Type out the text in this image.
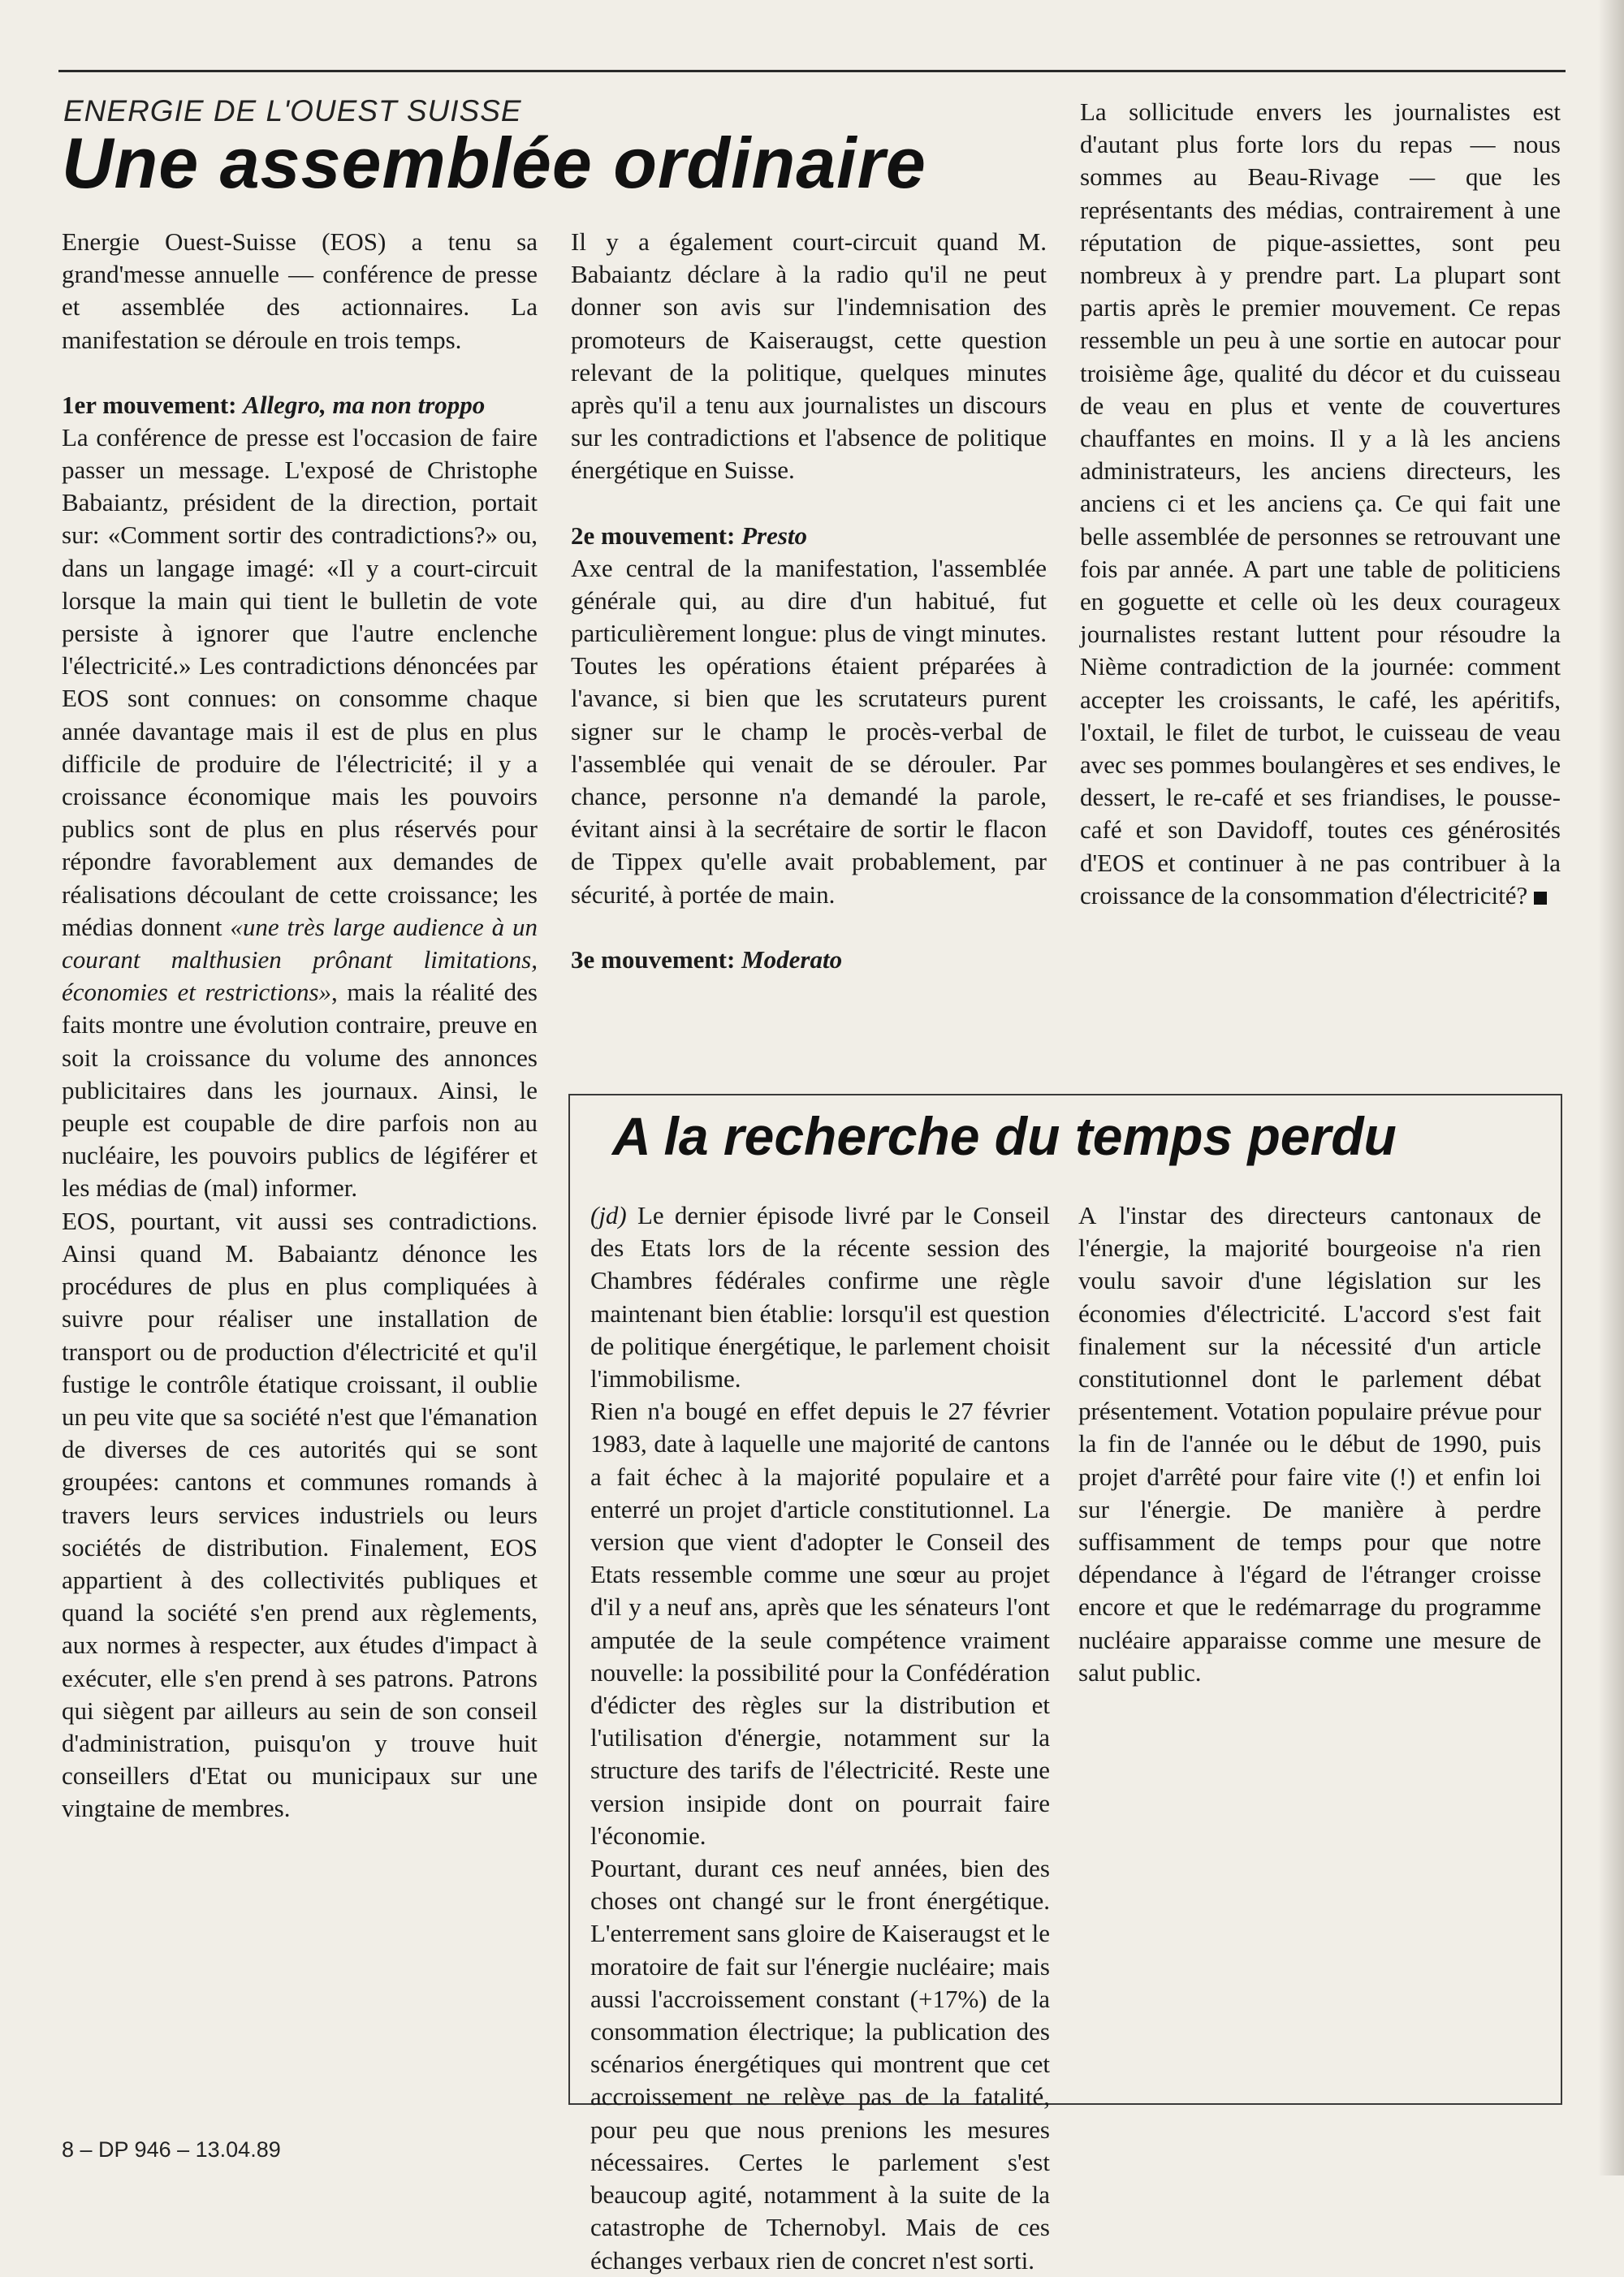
ENERGIE DE L'OUEST SUISSE
Une assemblée ordinaire

Energie Ouest-Suisse (EOS) a tenu sa grand'messe annuelle — conférence de presse et assemblée des actionnaires. La manifestation se déroule en trois temps.

1er mouvement: Allegro, ma non troppo

La conférence de presse est l'occasion de faire passer un message. L'exposé de Christophe Babaiantz, président de la direction, portait sur: «Comment sortir des contradictions?» ou, dans un langage imagé: «Il y a court-circuit lorsque la main qui tient le bulletin de vote persiste à ignorer que l'autre enclenche l'électricité.» Les contradictions dénoncées par EOS sont connues: on consomme chaque année davantage mais il est de plus en plus difficile de produire de l'électricité; il y a croissance économique mais les pouvoirs publics sont de plus en plus réservés pour répondre favorablement aux demandes de réalisations découlant de cette croissance; les médias donnent «une très large audience à un courant malthusien prônant limitations, économies et restrictions», mais la réalité des faits montre une évolution contraire, preuve en soit la croissance du volume des annonces publicitaires dans les journaux. Ainsi, le peuple est coupable de dire parfois non au nucléaire, les pouvoirs publics de légiférer et les médias de (mal) informer.

EOS, pourtant, vit aussi ses contradictions. Ainsi quand M. Babaiantz dénonce les procédures de plus en plus compliquées à suivre pour réaliser une installation de transport ou de production d'électricité et qu'il fustige le contrôle étatique croissant, il oublie un peu vite que sa société n'est que l'émanation de diverses de ces autorités qui se sont groupées: cantons et communes romands à travers leurs services industriels ou leurs sociétés de distribution. Finalement, EOS appartient à des collectivités publiques et quand la société s'en prend aux règlements, aux normes à respecter, aux études d'impact à exécuter, elle s'en prend à ses patrons. Patrons qui siègent par ailleurs au sein de son conseil d'administration, puisqu'on y trouve huit conseillers d'Etat ou municipaux sur une vingtaine de membres.

Il y a également court-circuit quand M. Babaiantz déclare à la radio qu'il ne peut donner son avis sur l'indemnisation des promoteurs de Kaiseraugst, cette question relevant de la politique, quelques minutes après qu'il a tenu aux journalistes un discours sur les contradictions et l'absence de politique énergétique en Suisse.

2e mouvement: Presto

Axe central de la manifestation, l'assemblée générale qui, au dire d'un habitué, fut particulièrement longue: plus de vingt minutes. Toutes les opérations étaient préparées à l'avance, si bien que les scrutateurs purent signer sur le champ le procès-verbal de l'assemblée qui venait de se dérouler. Par chance, personne n'a demandé la parole, évitant ainsi à la secrétaire de sortir le flacon de Tippex qu'elle avait probablement, par sécurité, à portée de main.

3e mouvement: Moderato

La sollicitude envers les journalistes est d'autant plus forte lors du repas — nous sommes au Beau-Rivage — que les représentants des médias, contrairement à une réputation de pique-assiettes, sont peu nombreux à y prendre part. La plupart sont partis après le premier mouvement. Ce repas ressemble un peu à une sortie en autocar pour troisième âge, qualité du décor et du cuisseau de veau en plus et vente de couvertures chauffantes en moins. Il y a là les anciens administrateurs, les anciens directeurs, les anciens ci et les anciens ça. Ce qui fait une belle assemblée de personnes se retrouvant une fois par année. A part une table de politiciens en goguette et celle où les deux courageux journalistes restant luttent pour résoudre la Nième contradiction de la journée: comment accepter les croissants, le café, les apéritifs, l'oxtail, le filet de turbot, le cuisseau de veau avec ses pommes boulangères et ses endives, le dessert, le re-café et ses friandises, le pousse-café et son Davidoff, toutes ces générosités d'EOS et continuer à ne pas contribuer à la croissance de la consommation d'électricité?

A la recherche du temps perdu

(jd) Le dernier épisode livré par le Conseil des Etats lors de la récente session des Chambres fédérales confirme une règle maintenant bien établie: lorsqu'il est question de politique énergétique, le parlement choisit l'immobilisme.

Rien n'a bougé en effet depuis le 27 février 1983, date à laquelle une majorité de cantons a fait échec à la majorité populaire et a enterré un projet d'article constitutionnel. La version que vient d'adopter le Conseil des Etats ressemble comme une sœur au projet d'il y a neuf ans, après que les sénateurs l'ont amputée de la seule compétence vraiment nouvelle: la possibilité pour la Confédération d'édicter des règles sur la distribution et l'utilisation d'énergie, notamment sur la structure des tarifs de l'électricité. Reste une version insipide dont on pourrait faire l'économie.

Pourtant, durant ces neuf années, bien des choses ont changé sur le front énergétique. L'enterrement sans gloire de Kaiseraugst et le moratoire de fait sur l'énergie nucléaire; mais aussi l'accroissement constant (+17%) de la consommation électrique; la publication des scénarios énergétiques qui montrent que cet accroissement ne relève pas de la fatalité, pour peu que nous prenions les mesures nécessaires. Certes le parlement s'est beaucoup agité, notamment à la suite de la catastrophe de Tchernobyl. Mais de ces échanges verbaux rien de concret n'est sorti.

A l'instar des directeurs cantonaux de l'énergie, la majorité bourgeoise n'a rien voulu savoir d'une législation sur les économies d'électricité. L'accord s'est fait finalement sur la nécessité d'un article constitutionnel dont le parlement débat présentement. Votation populaire prévue pour la fin de l'année ou le début de 1990, puis projet d'arrêté pour faire vite (!) et enfin loi sur l'énergie. De manière à perdre suffisamment de temps pour que notre dépendance à l'égard de l'étranger croisse encore et que le redémarrage du programme nucléaire apparaisse comme une mesure de salut public.

8 – DP 946 – 13.04.89
